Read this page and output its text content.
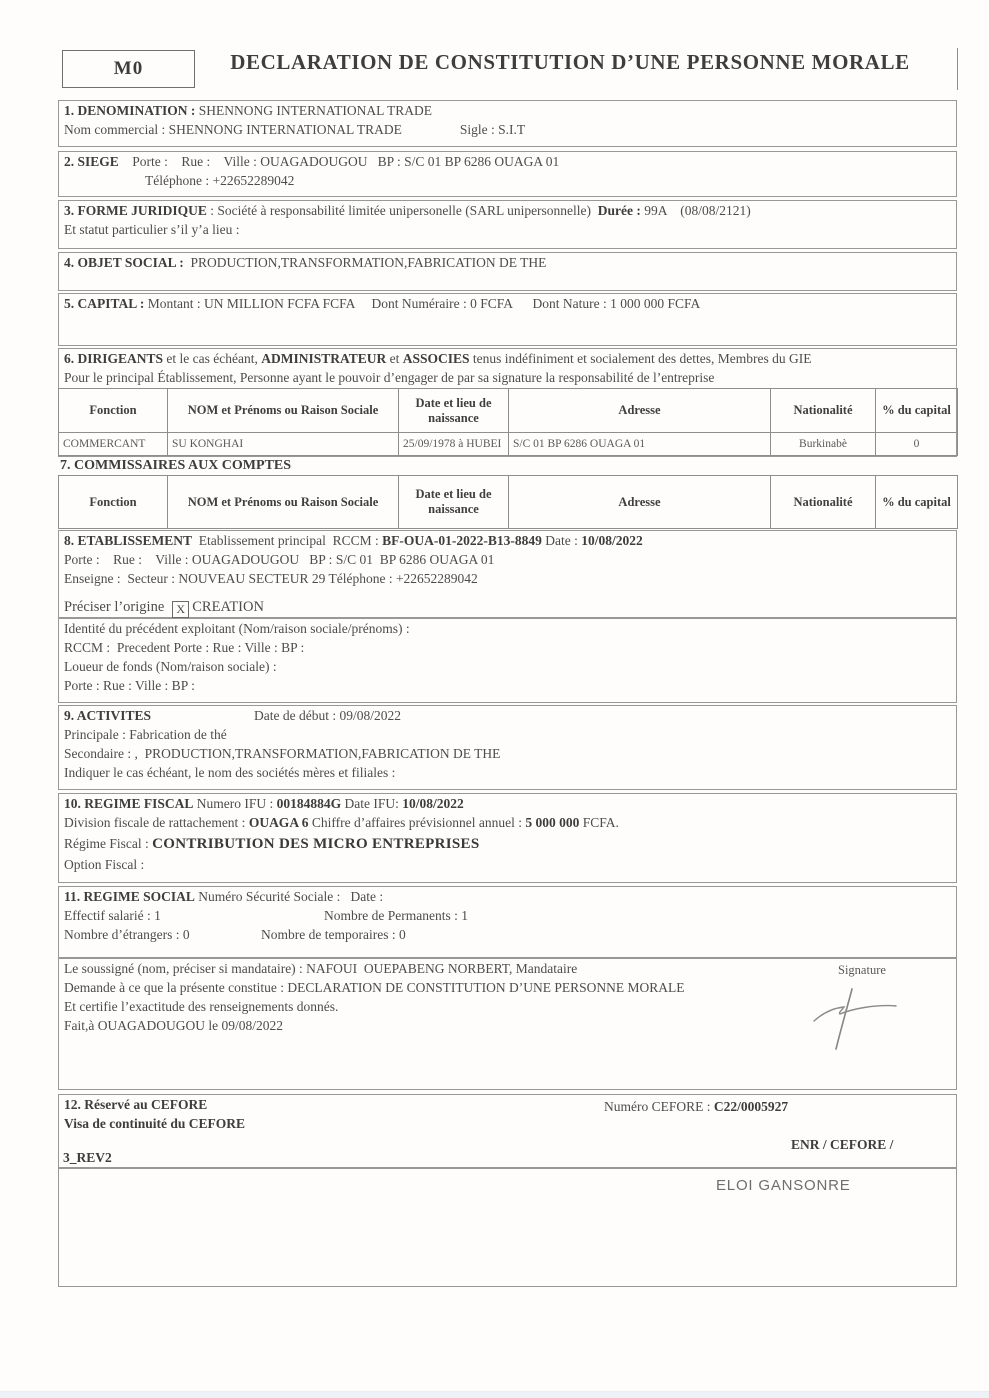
M0	DECLARATION DE CONSTITUTION D’UNE PERSONNE MORALE
1. DENOMINATION : SHENNONG INTERNATIONAL TRADE
Nom commercial : SHENNONG INTERNATIONAL TRADE	Sigle : S.I.T
2. SIEGE    Porte :    Rue :    Ville : OUAGADOUGOU   BP : S/C 01 BP 6286 OUAGA 01
Téléphone : +22652289042
3. FORME JURIDIQUE : Société à responsabilité limitée unipersonelle (SARL unipersonnelle)  Durée : 99A    (08/08/2121)
Et statut particulier s’il y’a lieu :
4. OBJET SOCIAL :  PRODUCTION,TRANSFORMATION,FABRICATION DE THE
5. CAPITAL : Montant : UN MILLION FCFA FCFA     Dont Numéraire : 0 FCFA      Dont Nature : 1 000 000 FCFA
6. DIRIGEANTS et le cas échéant, ADMINISTRATEUR et ASSOCIES tenus indéfiniment et socialement des dettes, Membres du GIE
Pour le principal Établissement, Personne ayant le pouvoir d’engager de par sa signature la responsabilité de l’entreprise
Fonction	NOM et Prénoms ou Raison Sociale	Date et lieu de naissance	Adresse	Nationalité	% du capital
COMMERCANT	SU KONGHAI	25/09/1978 à HUBEI	S/C 01 BP 6286 OUAGA 01	Burkinabè	0
7. COMMISSAIRES AUX COMPTES
Fonction	NOM et Prénoms ou Raison Sociale	Date et lieu de naissance	Adresse	Nationalité	% du capital
8. ETABLISSEMENT  Etablissement principal  RCCM : BF-OUA-01-2022-B13-8849 Date : 10/08/2022
Porte :    Rue :    Ville : OUAGADOUGOU   BP : S/C 01  BP 6286 OUAGA 01
Enseigne :  Secteur : NOUVEAU SECTEUR 29 Téléphone : +22652289042
Préciser l’origine X CREATION
Identité du précédent exploitant (Nom/raison sociale/prénoms) :
RCCM :  Precedent Porte : Rue : Ville : BP :
Loueur de fonds (Nom/raison sociale) :
Porte : Rue : Ville : BP :
9. ACTIVITES	Date de début : 09/08/2022
Principale : Fabrication de thé
Secondaire : ,  PRODUCTION,TRANSFORMATION,FABRICATION DE THE
Indiquer le cas échéant, le nom des sociétés mères et filiales :
10. REGIME FISCAL Numero IFU : 00184884G Date IFU: 10/08/2022
Division fiscale de rattachement : OUAGA 6 Chiffre d’affaires prévisionnel annuel : 5 000 000 FCFA.
Régime Fiscal : CONTRIBUTION DES MICRO ENTREPRISES
Option Fiscal :
11. REGIME SOCIAL Numéro Sécurité Sociale :   Date :
Effectif salarié : 1	Nombre de Permanents : 1
Nombre d’étrangers : 0	Nombre de temporaires : 0
Le soussigné (nom, préciser si mandataire) : NAFOUI  OUEPABENG NORBERT, Mandataire
Demande à ce que la présente constitue : DECLARATION DE CONSTITUTION D’UNE PERSONNE MORALE
Et certifie l’exactitude des renseignements donnés.
Fait,à OUAGADOUGOU le 09/08/2022
Signature
12. Réservé au CEFORE	Numéro CEFORE : C22/0005927
Visa de continuité du CEFORE
ENR / CEFORE /
3_REV2
ELOI GANSONRE
